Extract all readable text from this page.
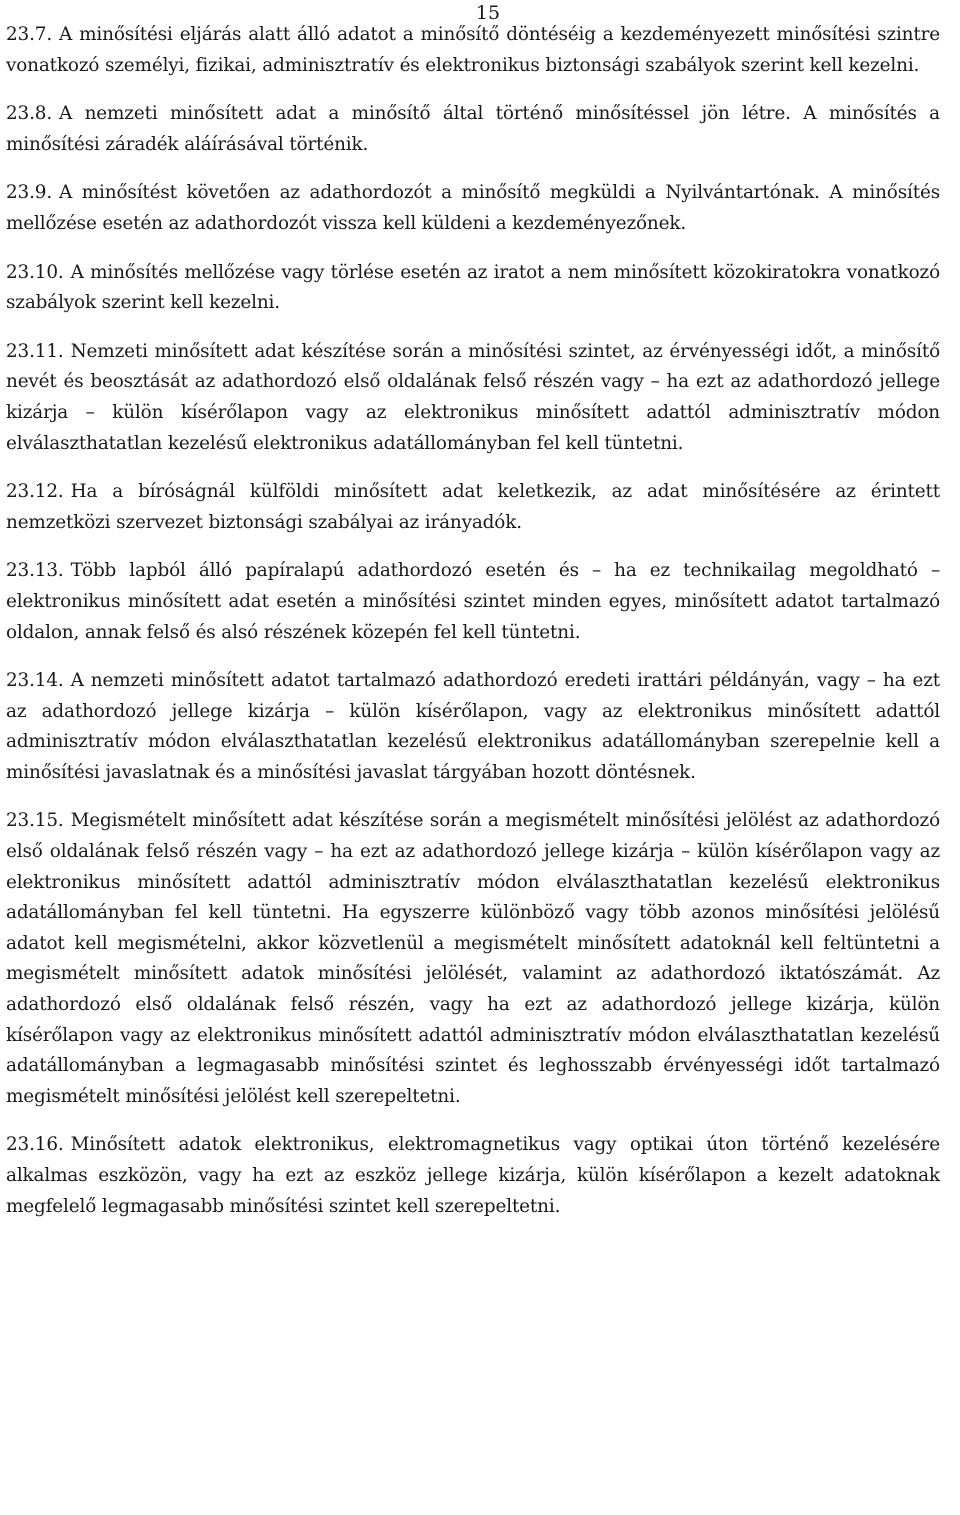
15

23.7. A minősítési eljárás alatt álló adatot a minősítő döntéséig a kezdeményezett minősítési szintre vonatkozó személyi, fizikai, adminisztratív és elektronikus biztonsági szabályok szerint kell kezelni.

23.8. A nemzeti minősített adat a minősítő által történő minősítéssel jön létre. A minősítés a minősítési záradék aláírásával történik.

23.9. A minősítést követően az adathordozót a minősítő megküldi a Nyilvántartónak. A minősítés mellőzése esetén az adathordozót vissza kell küldeni a kezdeményezőnek.

23.10. A minősítés mellőzése vagy törlése esetén az iratot a nem minősített közokiratokra vonatkozó szabályok szerint kell kezelni.

23.11. Nemzeti minősített adat készítése során a minősítési szintet, az érvényességi időt, a minősítő nevét és beosztását az adathordozó első oldalának felső részén vagy – ha ezt az adathordozó jellege kizárja – külön kísérőlapon vagy az elektronikus minősített adattól adminisztratív módon elválaszthatatlan kezelésű elektronikus adatállományban fel kell tüntetni.

23.12. Ha a bíróságnál külföldi minősített adat keletkezik, az adat minősítésére az érintett nemzetközi szervezet biztonsági szabályai az irányadók.

23.13. Több lapból álló papíralapú adathordozó esetén és – ha ez technikailag megoldható – elektronikus minősített adat esetén a minősítési szintet minden egyes, minősített adatot tartalmazó oldalon, annak felső és alsó részének közepén fel kell tüntetni.

23.14. A nemzeti minősített adatot tartalmazó adathordozó eredeti irattári példányán, vagy – ha ezt az adathordozó jellege kizárja – külön kísérőlapon, vagy az elektronikus minősített adattól adminisztratív módon elválaszthatatlan kezelésű elektronikus adatállományban szerepelnie kell a minősítési javaslatnak és a minősítési javaslat tárgyában hozott döntésnek.

23.15. Megismételt minősített adat készítése során a megismételt minősítési jelölést az adathordozó első oldalának felső részén vagy – ha ezt az adathordozó jellege kizárja – külön kísérőlapon vagy az elektronikus minősített adattól adminisztratív módon elválaszthatatlan kezelésű elektronikus adatállományban fel kell tüntetni. Ha egyszerre különböző vagy több azonos minősítési jelölésű adatot kell megismételni, akkor közvetlenül a megismételt minősített adatoknál kell feltüntetni a megismételt minősített adatok minősítési jelölését, valamint az adathordozó iktatószámát. Az adathordozó első oldalának felső részén, vagy ha ezt az adathordozó jellege kizárja, külön kísérőlapon vagy az elektronikus minősített adattól adminisztratív módon elválaszthatatlan kezelésű adatállományban a legmagasabb minősítési szintet és leghosszabb érvényességi időt tartalmazó megismételt minősítési jelölést kell szerepeltetni.

23.16. Minősített adatok elektronikus, elektromagnetikus vagy optikai úton történő kezelésére alkalmas eszközön, vagy ha ezt az eszköz jellege kizárja, külön kísérőlapon a kezelt adatoknak megfelelő legmagasabb minősítési szintet kell szerepeltetni.
